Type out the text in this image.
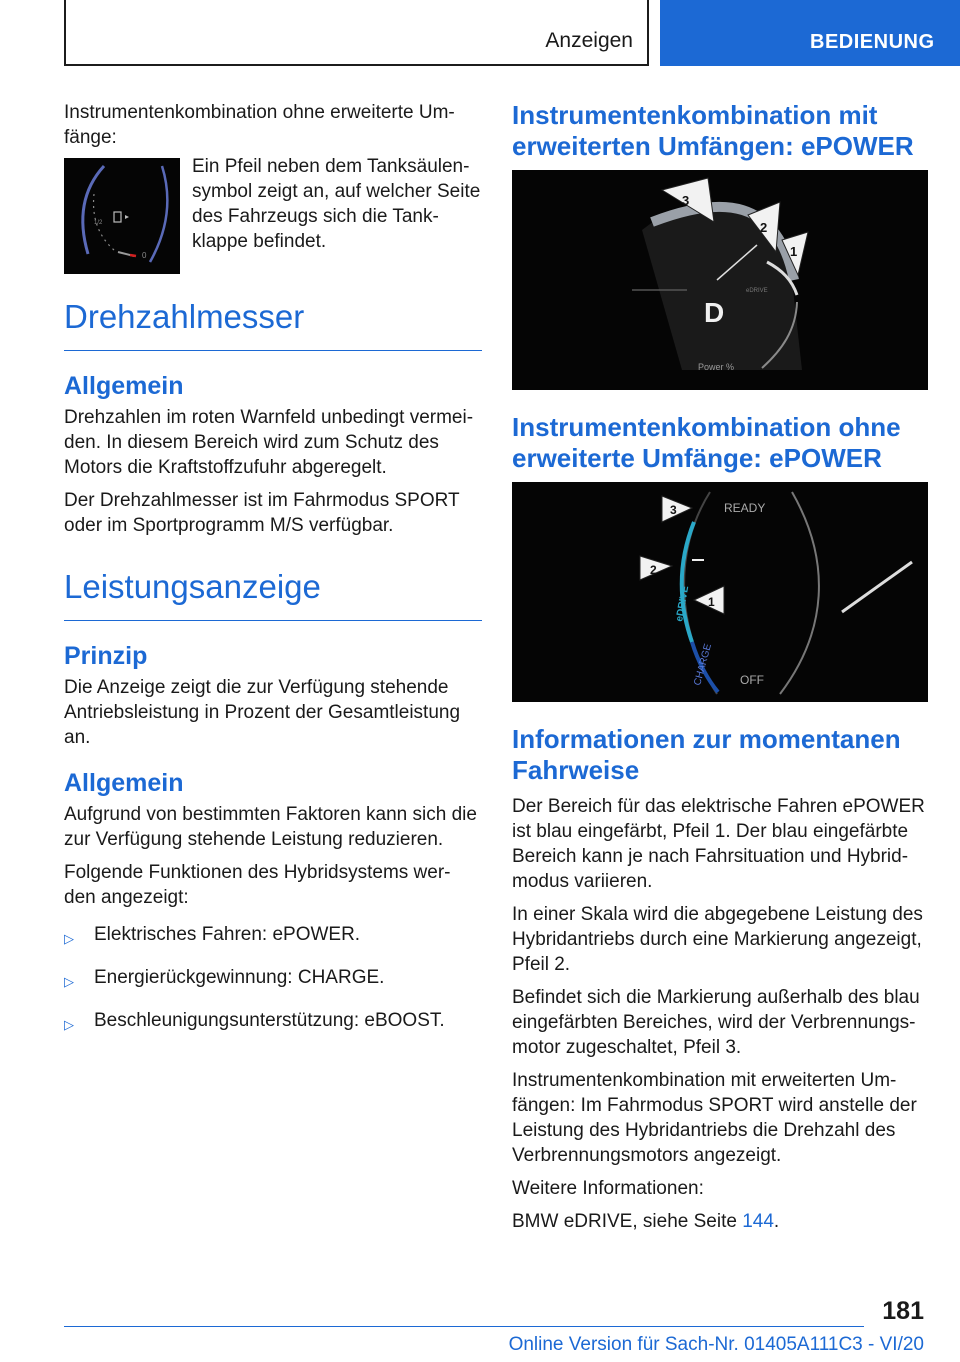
Anzeigen	BEDIENUNG

Instrumentenkombination ohne erweiterte Um-fänge:

1/2
0

Ein Pfeil neben dem Tanksäulen-symbol zeigt an, auf welcher Seite des Fahrzeugs sich die Tank-klappe befindet.

Drehzahlmesser
Allgemein

Drehzahlen im roten Warnfeld unbedingt vermei-den. In diesem Bereich wird zum Schutz des Motors die Kraftstoffzufuhr abgeregelt.

Der Drehzahlmesser ist im Fahrmodus SPORT oder im Sportprogramm M/S verfügbar.

Leistungsanzeige
Prinzip

Die Anzeige zeigt die zur Verfügung stehende Antriebsleistung in Prozent der Gesamtleistung an.

Allgemein

Aufgrund von bestimmten Faktoren kann sich die zur Verfügung stehende Leistung reduzieren.

Folgende Funktionen des Hybridsystems wer-den angezeigt:

▷	Elektrisches Fahren: ePOWER.
▷	Energierückgewinnung: CHARGE.
▷	Beschleunigungsunterstützung: eBOOST.
Instrumentenkombination mit erweiterten Umfängen: ePOWER
D
Power %
eDRIVE
3
2
1
Instrumentenkombination ohne erweiterte Umfänge: ePOWER
READY
OFF
eDRIVE
CHARGE
3
2
1
Informationen zur momentanen Fahrweise

Der Bereich für das elektrische Fahren ePOWER ist blau eingefärbt, Pfeil 1. Der blau eingefärbte Bereich kann je nach Fahrsituation und Hybrid-modus variieren.

In einer Skala wird die abgegebene Leistung des Hybridantriebs durch eine Markierung angezeigt, Pfeil 2.

Befindet sich die Markierung außerhalb des blau eingefärbten Bereiches, wird der Verbrennungs-motor zugeschaltet, Pfeil 3.

Instrumentenkombination mit erweiterten Um-fängen: Im Fahrmodus SPORT wird anstelle der Leistung des Hybridantriebs die Drehzahl des Verbrennungsmotors angezeigt.

Weitere Informationen:

BMW eDRIVE, siehe Seite 144.

181
Online Version für Sach-Nr. 01405A111C3 - VI/20
